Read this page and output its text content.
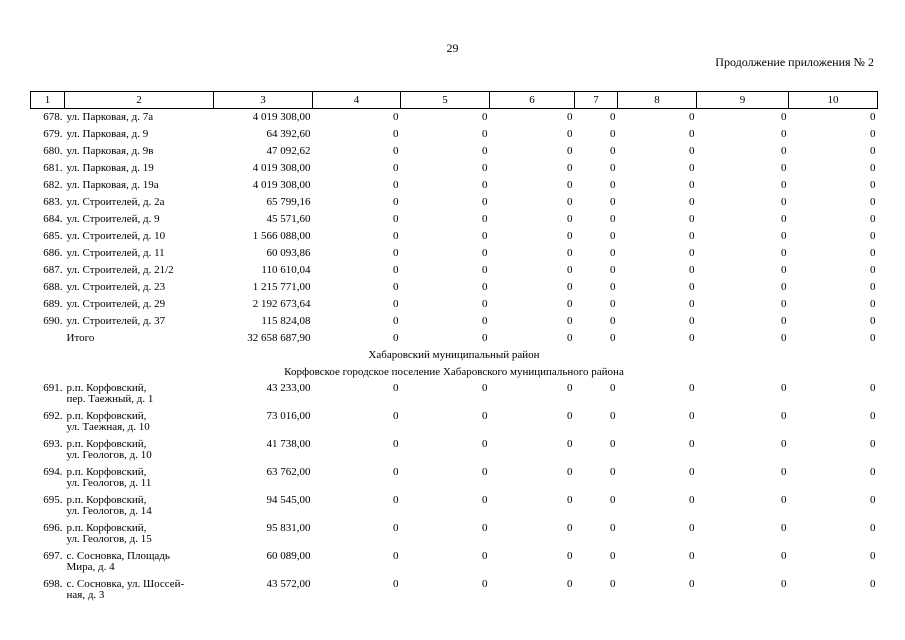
29
Продолжение приложения № 2
1	2	3	4	5	6	7	8	9	10
678.	ул. Парковая, д. 7а	4 019 308,00	0	0	0	0	0	0	0
679.	ул. Парковая, д. 9	64 392,60	0	0	0	0	0	0	0
680.	ул. Парковая, д. 9в	47 092,62	0	0	0	0	0	0	0
681.	ул. Парковая, д. 19	4 019 308,00	0	0	0	0	0	0	0
682.	ул. Парковая, д. 19а	4 019 308,00	0	0	0	0	0	0	0
683.	ул. Строителей, д. 2а	65 799,16	0	0	0	0	0	0	0
684.	ул. Строителей, д. 9	45 571,60	0	0	0	0	0	0	0
685.	ул. Строителей, д. 10	1 566 088,00	0	0	0	0	0	0	0
686.	ул. Строителей, д. 11	60 093,86	0	0	0	0	0	0	0
687.	ул. Строителей, д. 21/2	110 610,04	0	0	0	0	0	0	0
688.	ул. Строителей, д. 23	1 215 771,00	0	0	0	0	0	0	0
689.	ул. Строителей, д. 29	2 192 673,64	0	0	0	0	0	0	0
690.	ул. Строителей, д. 37	115 824,08	0	0	0	0	0	0	0

	Итого	32 658 687,90	0	0	0	0	0	0	0
Хабаровский муниципальный район									
Корфовское городское поселение Хабаровского муниципального района									
691.	р.п. Корфовский,
пер. Таежный, д. 1	43 233,00	0	0	0	0	0	0	0
692.	р.п. Корфовский,
ул. Таежная, д. 10	73 016,00	0	0	0	0	0	0	0
693.	р.п. Корфовский,
ул. Геологов, д. 10	41 738,00	0	0	0	0	0	0	0
694.	р.п. Корфовский,
ул. Геологов, д. 11	63 762,00	0	0	0	0	0	0	0
695.	р.п. Корфовский,
ул. Геологов, д. 14	94 545,00	0	0	0	0	0	0	0
696.	р.п. Корфовский,
ул. Геологов, д. 15	95 831,00	0	0	0	0	0	0	0
697.	с. Сосновка, Площадь
Мира, д. 4	60 089,00	0	0	0	0	0	0	0
698.	с. Сосновка, ул. Шоссей-
ная, д. 3	43 572,00	0	0	0	0	0	0	0
